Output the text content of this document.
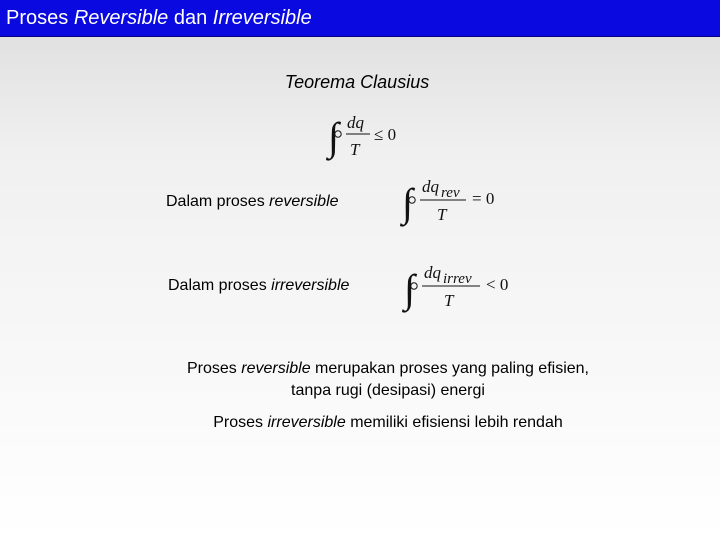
Proses Reversible dan Irreversible
Teorema Clausius
∫ dq
T
≤ 0
Dalam proses reversible ∫ dq rev
T
= 0
Dalam proses irreversible ∫ dq irrev
T
< 0
Proses reversible merupakan proses yang paling efisien,
tanpa rugi (desipasi) energi
Proses irreversible memiliki efisiensi lebih rendah
